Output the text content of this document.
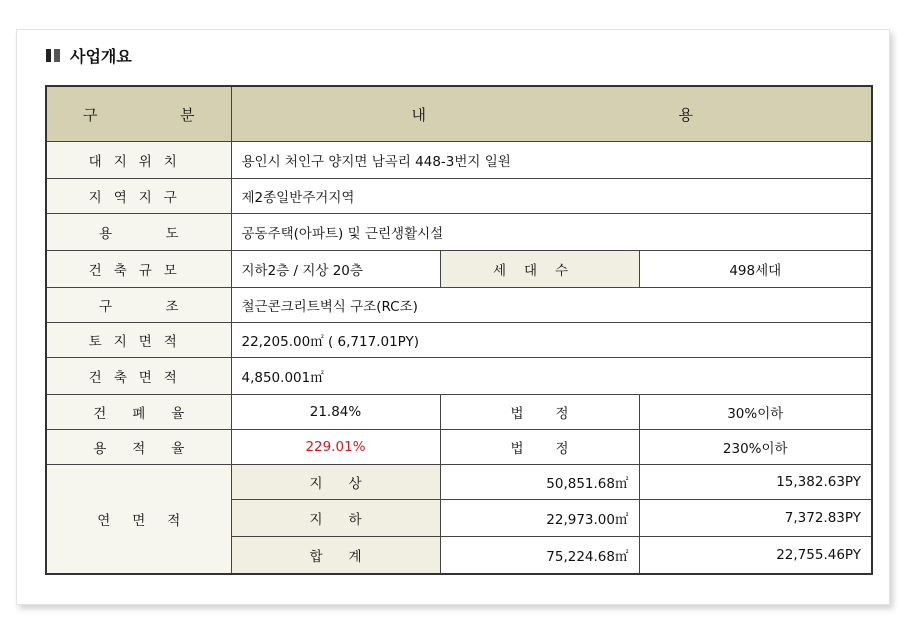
사업개요
구 분	내 용		

대지위치	용인시 처인구 양지면 남곡리 448-3번지 일원		
지역지구	제2종일반주거지역		

용 도	공동주택(아파트) 및 근린생활시설		
건축규모	지하2층 / 지상 20층	세대수	498세대

구 조	철근콘크리트벽식 구조(RC조)		
토지면적	22,205.00㎡ ( 6,717.01PY)		
건축면적	4,850.001㎡		
건폐율	21.84%	법 정	30%이하
용적율	229.01%	법 정	230%이하
연면적	지 상	50,851.68㎡	15,382.63PY
	지 하	22,973.00㎡	7,372.83PY
	합 계	75,224.68㎡	22,755.46PY
